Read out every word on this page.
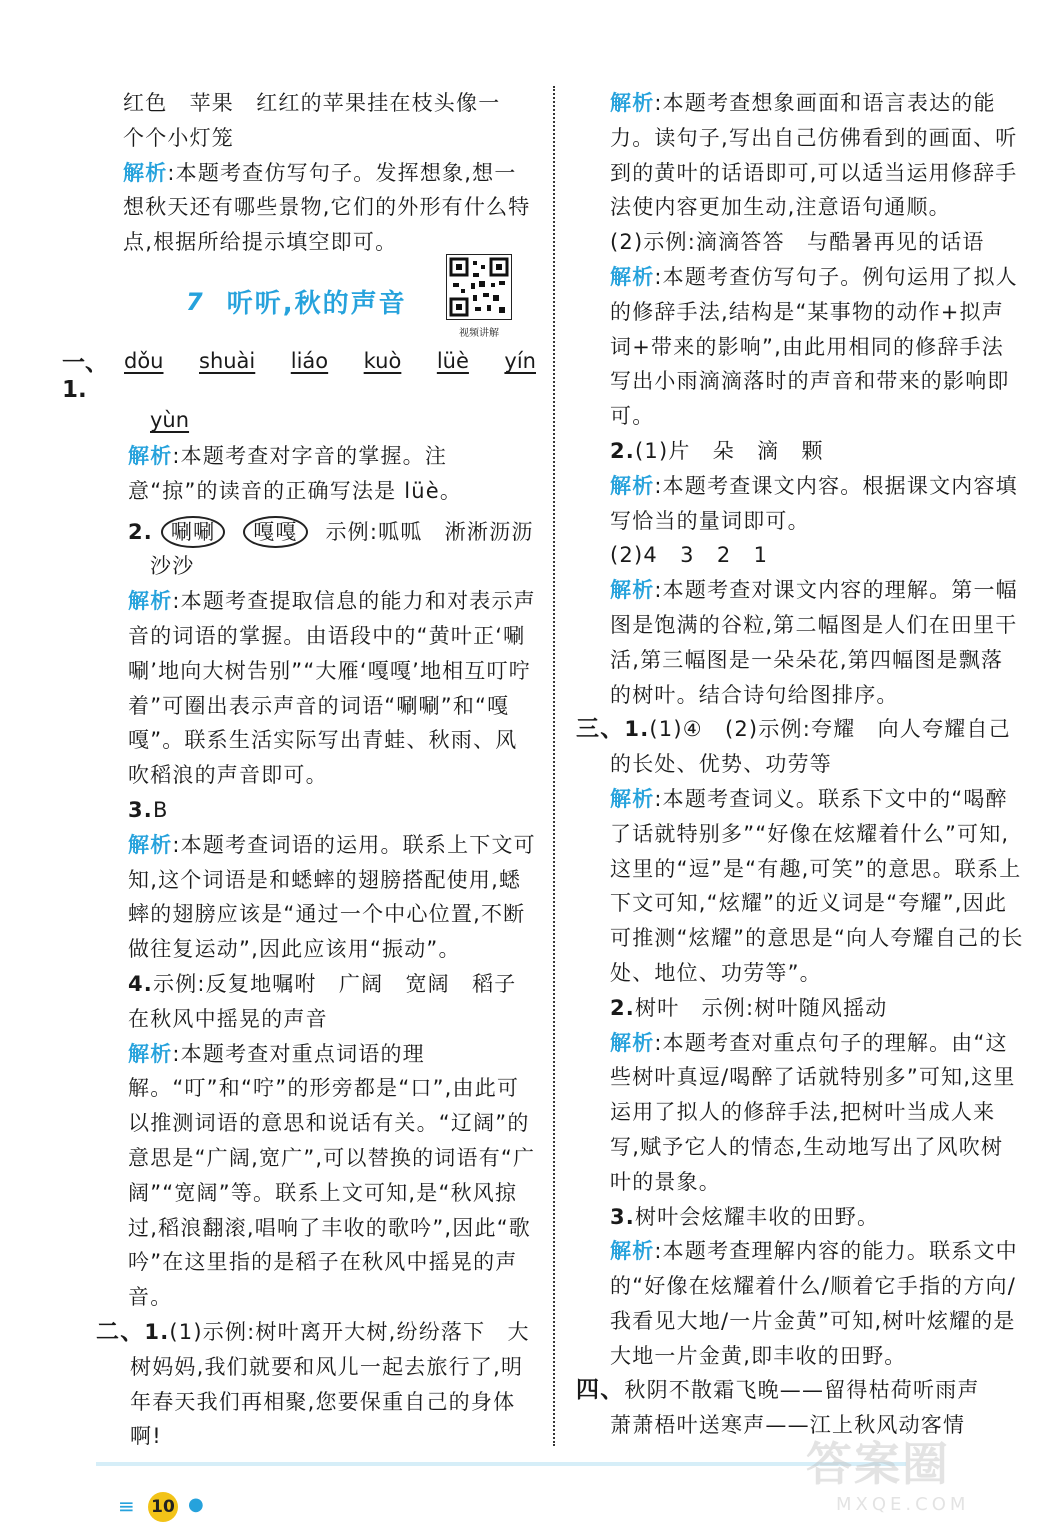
红色　苹果　红红的苹果挂在枝头像一

个个小灯笼

解析:本题考查仿写句子。发挥想象,想一想秋天还有哪些景物,它们的外形有什么特点,根据所给提示填空即可。

7 听听,秋的声音
视频讲解
一、1.
dǒu shuài liáo kuò lüè yín
yùn

解析:本题考查对字音的掌握。注意“掠”的读音的正确写法是 lüè。

2. 唰唰 嘎嘎 示例:呱呱　淅淅沥沥

沙沙

解析:本题考查提取信息的能力和对表示声音的词语的掌握。由语段中的“黄叶正‘唰唰’地向大树告别”“大雁‘嘎嘎’地相互叮咛着”可圈出表示声音的词语“唰唰”和“嘎嘎”。联系生活实际写出青蛙、秋雨、风吹稻浪的声音即可。

3.B

解析:本题考查词语的运用。联系上下文可知,这个词语是和蟋蟀的翅膀搭配使用,蟋蟀的翅膀应该是“通过一个中心位置,不断做往复运动”,因此应该用“振动”。

4.示例:反复地嘱咐　广阔　宽阔　稻子在秋风中摇晃的声音

解析:本题考查对重点词语的理解。“叮”和“咛”的形旁都是“口”,由此可以推测词语的意思和说话有关。“辽阔”的意思是“广阔,宽广”,可以替换的词语有“广阔”“宽阔”等。联系上文可知,是“秋风掠过,稻浪翻滚,唱响了丰收的歌吟”,因此“歌吟”在这里指的是稻子在秋风中摇晃的声音。

二、1.(1)示例:树叶离开大树,纷纷落下　大树妈妈,我们就要和风儿一起去旅行了,明年春天我们再相聚,您要保重自己的身体啊!

解析:本题考查想象画面和语言表达的能力。读句子,写出自己仿佛看到的画面、听到的黄叶的话语即可,可以适当运用修辞手法使内容更加生动,注意语句通顺。

(2)示例:滴滴答答　与酷暑再见的话语

解析:本题考查仿写句子。例句运用了拟人的修辞手法,结构是“某事物的动作+拟声词+带来的影响”,由此用相同的修辞手法写出小雨滴滴落时的声音和带来的影响即可。

2.(1)片　朵　滴　颗

解析:本题考查课文内容。根据课文内容填写恰当的量词即可。

(2)4　3　2　1

解析:本题考查对课文内容的理解。第一幅图是饱满的谷粒,第二幅图是人们在田里干活,第三幅图是一朵朵花,第四幅图是飘落的树叶。结合诗句给图排序。

三、1.(1)④　(2)示例:夸耀　向人夸耀自己的长处、优势、功劳等

解析:本题考查词义。联系下文中的“喝醉了话就特别多”“好像在炫耀着什么”可知,这里的“逗”是“有趣,可笑”的意思。联系上下文可知,“炫耀”的近义词是“夸耀”,因此可推测“炫耀”的意思是“向人夸耀自己的长处、地位、功劳等”。

2.树叶　示例:树叶随风摇动

解析:本题考查对重点句子的理解。由“这些树叶真逗/喝醉了话就特别多”可知,这里运用了拟人的修辞手法,把树叶当成人来写,赋予它人的情态,生动地写出了风吹树叶的景象。

3.树叶会炫耀丰收的田野。

解析:本题考查理解内容的能力。联系文中的“好像在炫耀着什么/顺着它手指的方向/我看见大地/一片金黄”可知,树叶炫耀的是大地一片金黄,即丰收的田野。

四、秋阴不散霜飞晚——留得枯荷听雨声

萧萧梧叶送寒声——江上秋风动客情

≡ 10 ●
答案圈
MXQE.COM
